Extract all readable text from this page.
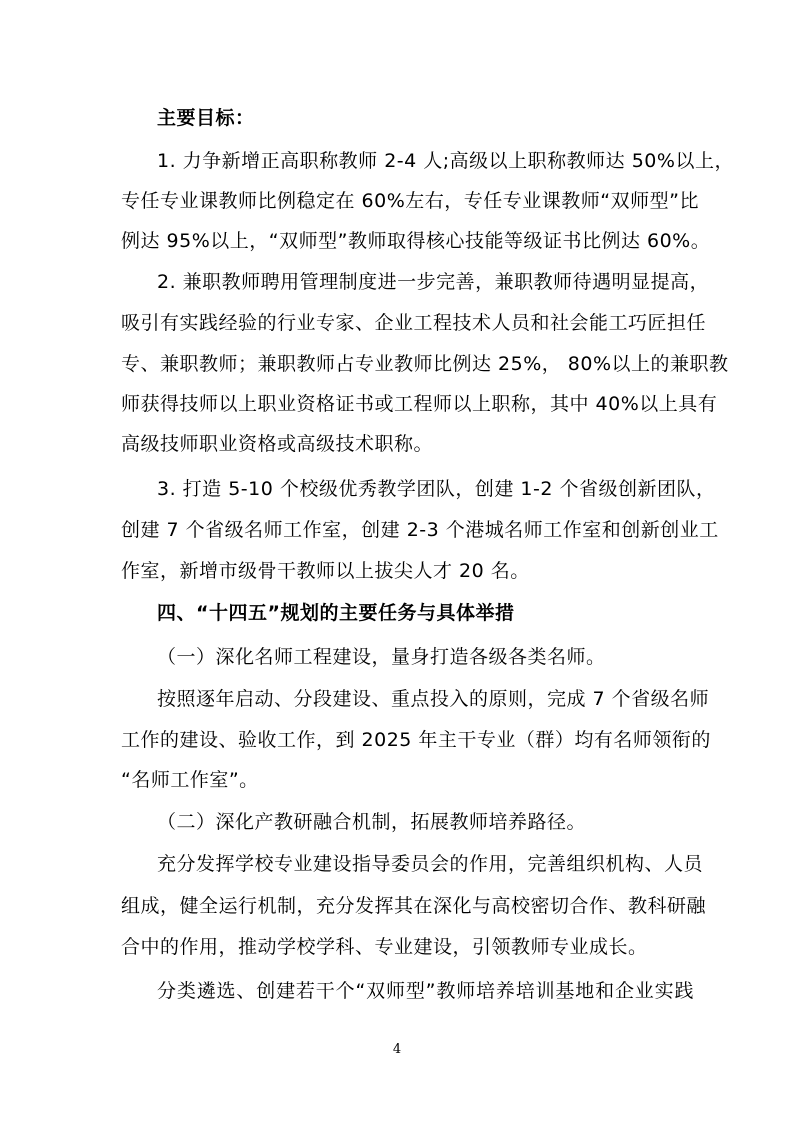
主要目标：
1. 力争新增正高职称教师 2-4 人;高级以上职称教师达 50%以上，
专任专业课教师比例稳定在 60%左右，专任专业课教师“双师型”比
例达 95%以上，“双师型”教师取得核心技能等级证书比例达 60%。
2. 兼职教师聘用管理制度进一步完善，兼职教师待遇明显提高，
吸引有实践经验的行业专家、企业工程技术人员和社会能工巧匠担任
专、兼职教师；兼职教师占专业教师比例达 25%， 80%以上的兼职教
师获得技师以上职业资格证书或工程师以上职称，其中 40%以上具有
高级技师职业资格或高级技术职称。
3. 打造 5-10 个校级优秀教学团队，创建 1-2 个省级创新团队，
创建 7 个省级名师工作室，创建 2-3 个港城名师工作室和创新创业工
作室，新增市级骨干教师以上拔尖人才 20 名。
四、“十四五”规划的主要任务与具体举措
（一）深化名师工程建设，量身打造各级各类名师。
按照逐年启动、分段建设、重点投入的原则，完成 7 个省级名师
工作的建设、验收工作，到 2025 年主干专业（群）均有名师领衔的
“名师工作室”。
（二）深化产教研融合机制，拓展教师培养路径。
充分发挥学校专业建设指导委员会的作用，完善组织机构、人员
组成，健全运行机制，充分发挥其在深化与高校密切合作、教科研融
合中的作用，推动学校学科、专业建设，引领教师专业成长。
分类遴选、创建若干个“双师型”教师培养培训基地和企业实践
4
